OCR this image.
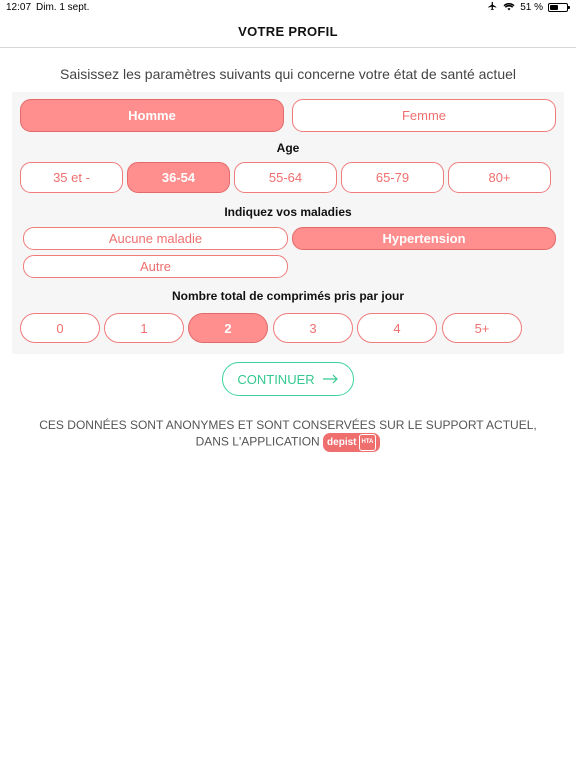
12:07 Dim. 1 sept.	51 %
VOTRE PROFIL
Saisissez les paramètres suivants qui concerne votre état de santé actuel
Homme	Femme
Age
35 et -	36-54	55-64	65-79	80+
Indiquez vos maladies
Aucune maladie	Hypertension
Autre
Nombre total de comprimés pris par jour
0	1	2	3	4	5+
CONTINUER
CES DONNÉES SONT ANONYMES ET SONT CONSERVÉES SUR LE SUPPORT ACTUEL, DANS L'APPLICATION depist HTA
